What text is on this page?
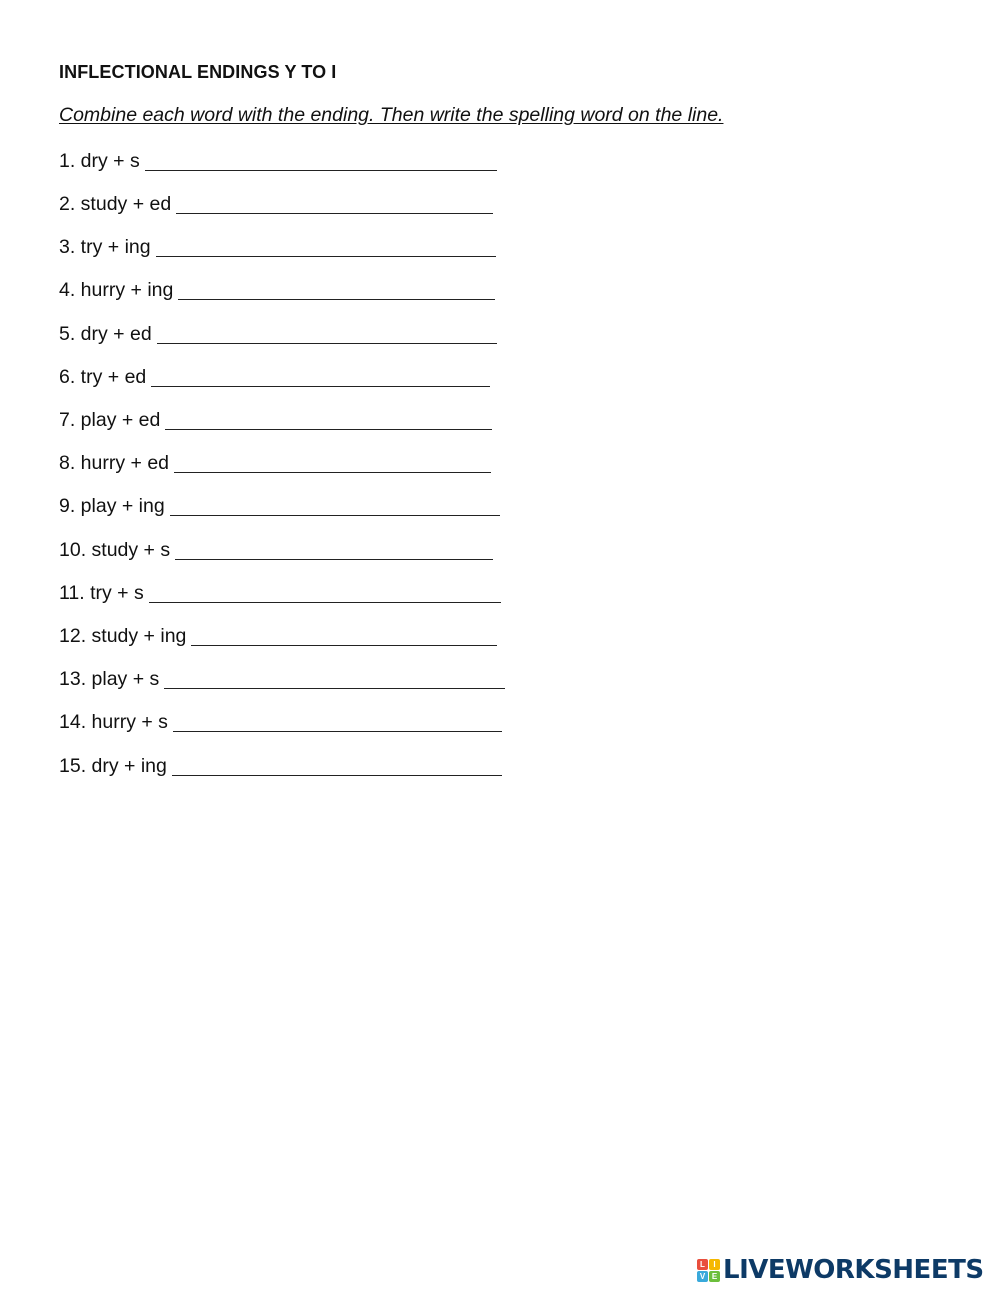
INFLECTIONAL ENDINGS Y TO I
Combine each word with the ending. Then write the spelling word on the line.
1. dry + s
2. study + ed
3. try + ing
4. hurry + ing
5. dry + ed
6. try + ed
7. play + ed
8. hurry + ed
9. play + ing
10. study + s
11. try + s
12. study + ing
13. play + s
14. hurry + s
15. dry + ing
L	I
V E LIVEWORKSHEETS
